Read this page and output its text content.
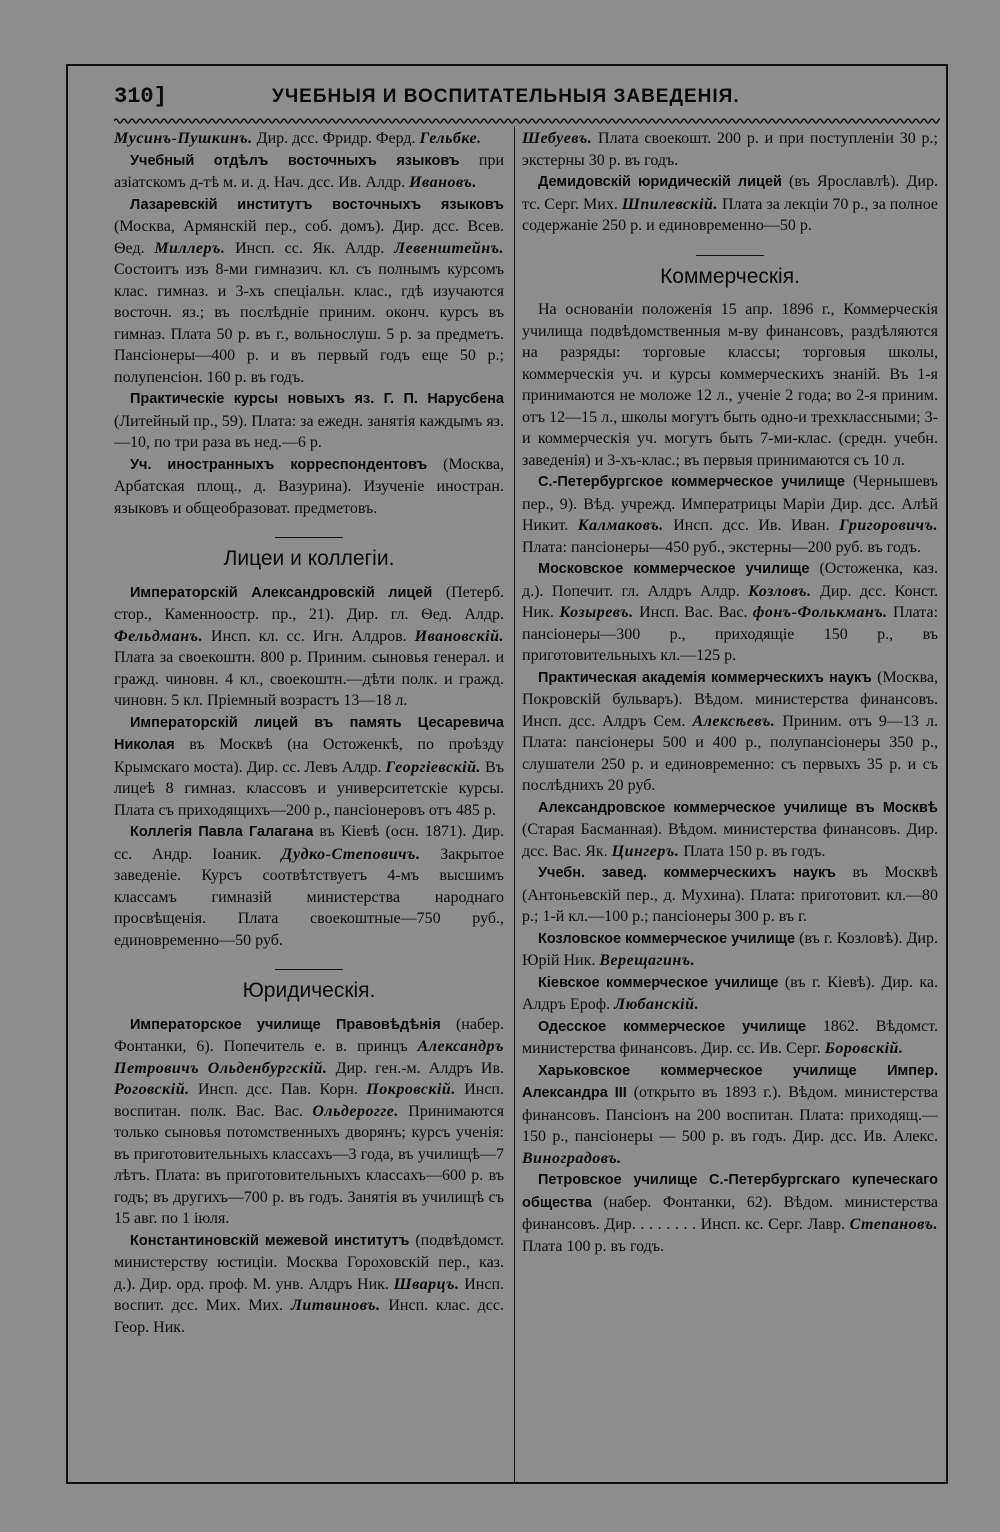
310]	УЧЕБНЫЯ И ВОСПИТАТЕЛЬНЫЯ ЗАВЕДЕНІЯ.

Мусинъ-Пушкинъ. Дир. дсс. Фридр. Ферд. Гельбке.

Учебный отдѣлъ восточныхъ языковъ при азіатскомъ д-тѣ м. и. д. Нач. дсс. Ив. Алдр. Ивановъ.

Лазаревскій институтъ восточныхъ языковъ (Москва, Армянскій пер., соб. домъ). Дир. дсс. Всев. Ѳед. Миллеръ. Инсп. сс. Як. Алдр. Левенштейнъ. Состоитъ изъ 8-ми гимназич. кл. съ полнымъ курсомъ клас. гимназ. и 3-хъ спеціальн. клас., гдѣ изучаются восточн. яз.; въ послѣдніе приним. оконч. курсъ въ гимназ. Плата 50 р. въ г., вольнослуш. 5 р. за предметъ. Пансіонеры—400 р. и въ первый годъ еще 50 р.; полупенсіон. 160 р. въ годъ.

Практическіе курсы новыхъ яз. Г. П. Нарусбена (Литейный пр., 59). Плата: за ежедн. занятія каждымъ яз.—10, по три раза въ нед.—6 р.

Уч. иностранныхъ корреспондентовъ (Москва, Арбатская площ., д. Вазурина). Изученіе иностран. языковъ и общеобразоват. предметовъ.

Лицеи и коллегіи.

Императорскій Александровскій лицей (Петерб. стор., Каменноостр. пр., 21). Дир. гл. Ѳед. Алдр. Фельдманъ. Инсп. кл. сс. Игн. Алдров. Ивановскій. Плата за своекоштн. 800 р. Приним. сыновья генерал. и гражд. чиновн. 4 кл., своекоштн.—дѣти полк. и гражд. чиновн. 5 кл. Пріемный возрастъ 13—18 л.

Императорскій лицей въ память Цесаревича Николая въ Москвѣ (на Остоженкѣ, по проѣзду Крымскаго моста). Дир. сс. Левъ Алдр. Георгіевскій. Въ лицеѣ 8 гимназ. классовъ и университетскіе курсы. Плата съ приходящихъ—200 р., пансіонеровъ отъ 485 р.

Коллегія Павла Галагана въ Кіевѣ (осн. 1871). Дир. сс. Андр. Іоаник. Дудко-Степовичъ. Закрытое заведеніе. Курсъ соотвѣтствуетъ 4-мъ высшимъ классамъ гимназій министерства народнаго просвѣщенія. Плата своекоштные—750 руб., единовременно—50 руб.

Юридическія.

Императорское училище Правовѣдѣнія (набер. Фонтанки, 6). Попечитель е. в. принцъ Александръ Петровичъ Ольденбургскій. Дир. ген.-м. Алдръ Ив. Роговскій. Инсп. дсс. Пав. Корн. Покровскій. Инсп. воспитан. полк. Вас. Вас. Ольдерогге. Принимаются только сыновья потомственныхъ дворянъ; курсъ ученія: въ приготовительныхъ классахъ—3 года, въ училищѣ—7 лѣтъ. Плата: въ приготовительныхъ классахъ—600 р. въ годъ; въ другихъ—700 р. въ годъ. Занятія въ училищѣ съ 15 авг. по 1 іюля.

Константиновскій межевой институтъ (подвѣдомст. министерству юстиціи. Москва Гороховскій пер., каз. д.). Дир. орд. проф. М. унв. Алдръ Ник. Шварцъ. Инсп. воспит. дсс. Мих. Мих. Литвиновъ. Инсп. клас. дсс. Геор. Ник.

Шебуевъ. Плата своекошт. 200 р. и при поступленіи 30 р.; экстерны 30 р. въ годъ.

Демидовскій юридическій лицей (въ Ярославлѣ). Дир. тс. Серг. Мих. Шпилевскій. Плата за лекціи 70 р., за полное содержаніе 250 р. и единовременно—50 р.

Коммерческія.

На основаніи положенія 15 апр. 1896 г., Коммерческія училища подвѣдомственныя м-ву финансовъ, раздѣляются на разряды: торговые классы; торговыя школы, коммерческія уч. и курсы коммерческихъ знаній. Въ 1-я принимаются не моложе 12 л., ученіе 2 года; во 2-я приним. отъ 12—15 л., школы могутъ быть одно-и трехклассными; 3-и коммерческія уч. могутъ быть 7-ми-клас. (средн. учебн. заведенія) и 3-хъ-клас.; въ первыя принимаются съ 10 л.

С.-Петербургское коммерческое училище (Чернышевъ пер., 9). Вѣд. учрежд. Императрицы Маріи Дир. дсс. Алѣй Никит. Калмаковъ. Инсп. дсс. Ив. Иван. Григоровичъ. Плата: пансіонеры—450 руб., экстерны—200 руб. въ годъ.

Московское коммерческое училище (Остоженка, каз. д.). Попечит. гл. Алдръ Алдр. Козловъ. Дир. дсс. Конст. Ник. Козыревъ. Инсп. Вас. Вас. фонъ-Фолькманъ. Плата: пансіонеры—300 р., приходящіе 150 р., въ приготовительныхъ кл.—125 р.

Практическая академія коммерческихъ наукъ (Москва, Покровскій бульваръ). Вѣдом. министерства финансовъ. Инсп. дсс. Алдръ Сем. Алексѣевъ. Приним. отъ 9—13 л. Плата: пансіонеры 500 и 400 р., полупансіонеры 350 р., слушатели 250 р. и единовременно: съ первыхъ 35 р. и съ послѣднихъ 20 руб.

Александровское коммерческое училище въ Москвѣ (Старая Басманная). Вѣдом. министерства финансовъ. Дир. дсс. Вас. Як. Цингеръ. Плата 150 р. въ годъ.

Учебн. завед. коммерческихъ наукъ въ Москвѣ (Антоньевскій пер., д. Мухина). Плата: приготовит. кл.—80 р.; 1-й кл.—100 р.; пансіонеры 300 р. въ г.

Козловское коммерческое училище (въ г. Козловѣ). Дир. Юрій Ник. Верещагинъ.

Кіевское коммерческое училище (въ г. Кіевѣ). Дир. ка. Алдръ Ероф. Любанскій.

Одесское коммерческое училище 1862. Вѣдомст. министерства финансовъ. Дир. сс. Ив. Серг. Боровскій.

Харьковское коммерческое училище Импер. Александра III (открыто въ 1893 г.). Вѣдом. министерства финансовъ. Пансіонъ на 200 воспитан. Плата: приходящ.—150 р., пансіонеры — 500 р. въ годъ. Дир. дсс. Ив. Алекс. Виноградовъ.

Петровское училище С.-Петербургскаго купеческаго общества (набер. Фонтанки, 62). Вѣдом. министерства финансовъ. Дир. . . . . . . . Инсп. кс. Серг. Лавр. Степановъ. Плата 100 р. въ годъ.
